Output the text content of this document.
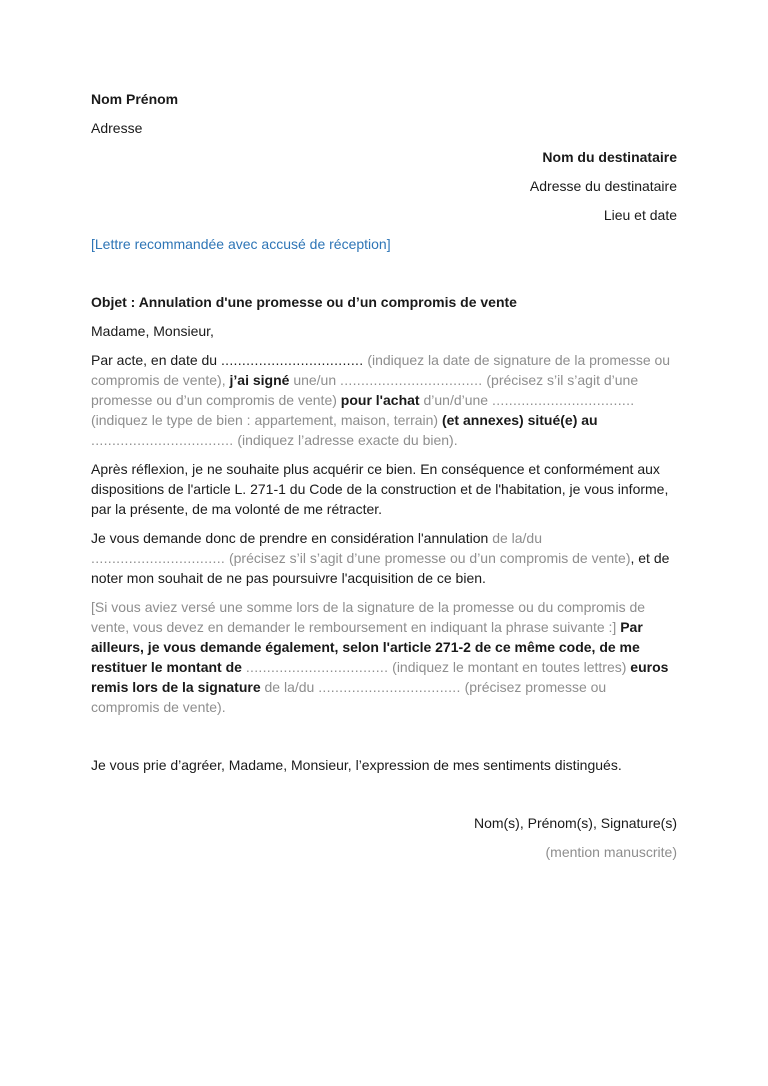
Nom Prénom

Adresse

Nom du destinataire

Adresse du destinataire

Lieu et date

[Lettre recommandée avec accusé de réception]

Objet : Annulation d'une promesse ou d’un compromis de vente

Madame, Monsieur,

Par acte, en date du .................................. (indiquez la date de signature de la promesse ou compromis de vente), j’ai signé une/un .................................. (précisez s’il s’agit d’une promesse ou d’un compromis de vente) pour l'achat d’un/d’une .................................. (indiquez le type de bien : appartement, maison, terrain) (et annexes) situé(e) au .................................. (indiquez l’adresse exacte du bien).

Après réflexion, je ne souhaite plus acquérir ce bien. En conséquence et conformément aux dispositions de l'article L. 271-1 du Code de la construction et de l'habitation, je vous informe, par la présente, de ma volonté de me rétracter.

Je vous demande donc de prendre en considération l'annulation de la/du ................................ (précisez s’il s’agit d’une promesse ou d’un compromis de vente), et de noter mon souhait de ne pas poursuivre l'acquisition de ce bien.

[Si vous aviez versé une somme lors de la signature de la promesse ou du compromis de vente, vous devez en demander le remboursement en indiquant la phrase suivante :] Par ailleurs, je vous demande également, selon l'article 271-2 de ce même code, de me restituer le montant de .................................. (indiquez le montant en toutes lettres) euros remis lors de la signature de la/du .................................. (précisez promesse ou compromis de vente).

Je vous prie d’agréer, Madame, Monsieur, l’expression de mes sentiments distingués.

Nom(s), Prénom(s), Signature(s)

(mention manuscrite)
